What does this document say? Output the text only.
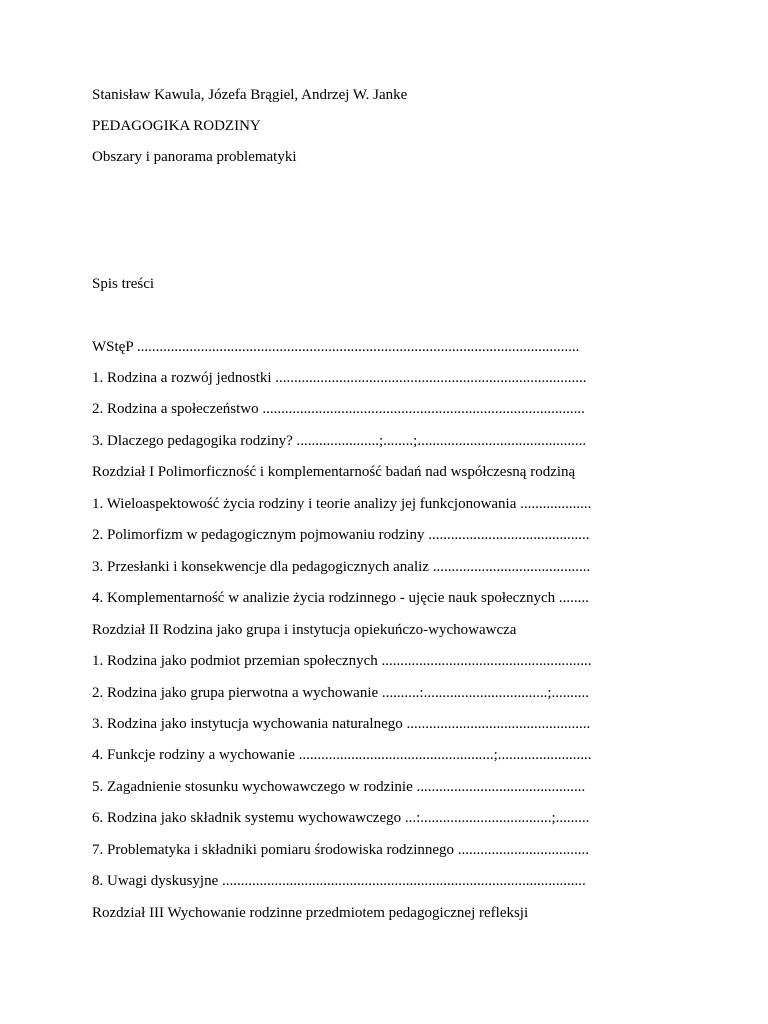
Stanisław Kawula, Józefa Brągiel, Andrzej W. Janke

PEDAGOGIKA RODZINY

Obszary i panorama problematyki

Spis treści

WStęP ......................................................................................................................

1. Rodzina a rozwój jednostki ...................................................................................

2. Rodzina a społeczeństwo ......................................................................................

3. Dlaczego pedagogika rodziny? ......................;........;.............................................

Rozdział I Polimorficzność i komplementarność badań nad współczesną rodziną

1. Wieloaspektowość życia rodziny i teorie analizy jej funkcjonowania ...................

2. Polimorfizm w pedagogicznym pojmowaniu rodziny ...........................................

3. Przesłanki i konsekwencje dla pedagogicznych analiz ..........................................

4. Komplementarność w analizie życia rodzinnego - ujęcie nauk społecznych ........

Rozdział II Rodzina jako grupa i instytucja opiekuńczo-wychowawcza

1. Rodzina jako podmiot przemian społecznych ........................................................

2. Rodzina jako grupa pierwotna a wychowanie ..........:.................................;..........

3. Rodzina jako instytucja wychowania naturalnego .................................................

4. Funkcje rodziny a wychowanie ....................................................;.........................

5. Zagadnienie stosunku wychowawczego w rodzinie .............................................

6. Rodzina jako składnik systemu wychowawczego ...:...................................;.........

7. Problematyka i składniki pomiaru środowiska rodzinnego ...................................

8. Uwagi dyskusyjne .................................................................................................

Rozdział III Wychowanie rodzinne przedmiotem pedagogicznej refleksji
